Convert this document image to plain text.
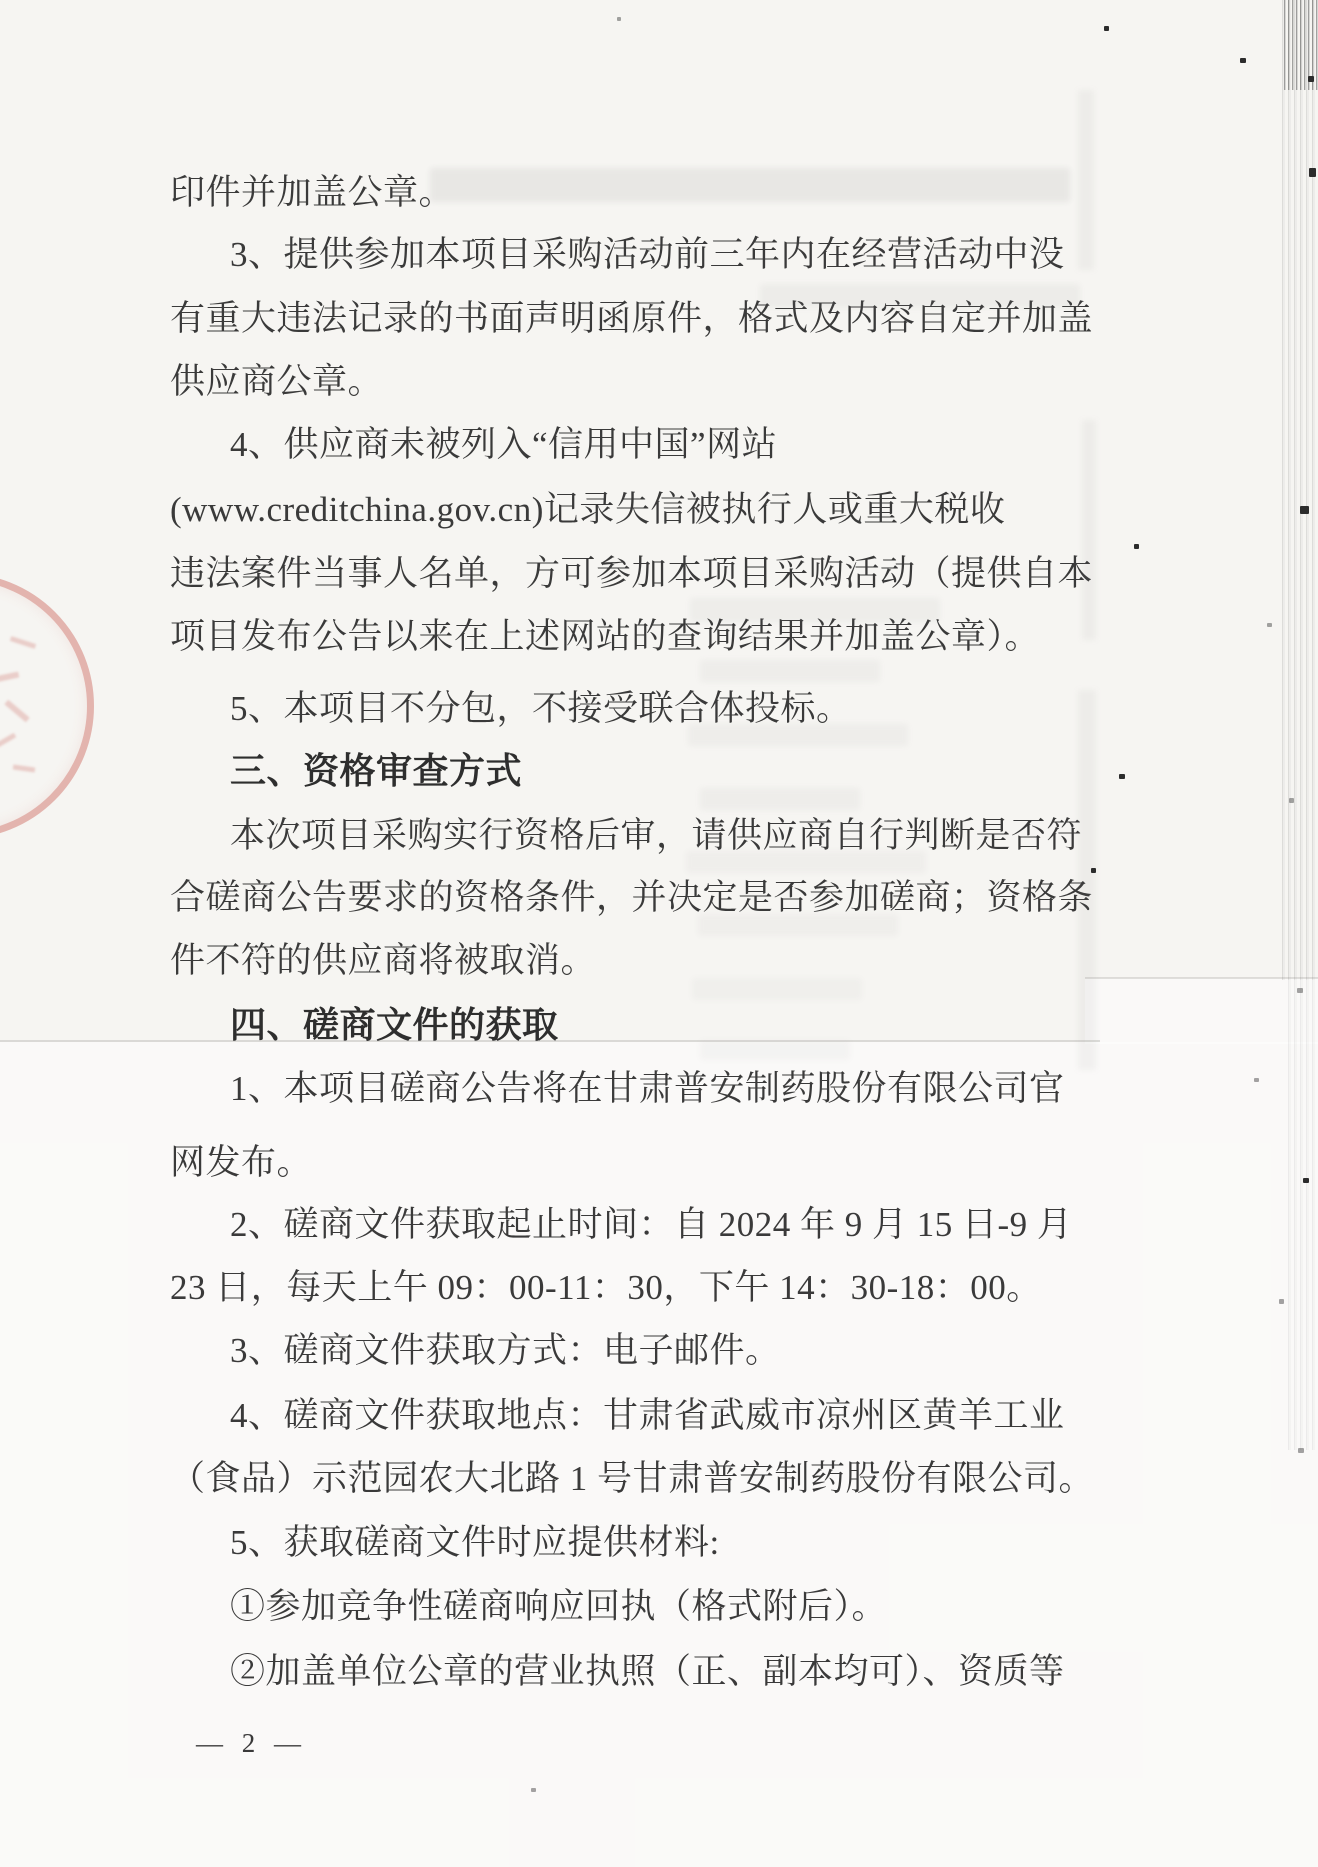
印件并加盖公章。
3、提供参加本项目采购活动前三年内在经营活动中没
有重大违法记录的书面声明函原件，格式及内容自定并加盖
供应商公章。
4、供应商未被列入“信用中国”网站
(www.creditchina.gov.cn)记录失信被执行人或重大税收
违法案件当事人名单，方可参加本项目采购活动（提供自本
项目发布公告以来在上述网站的查询结果并加盖公章）。
5、本项目不分包，不接受联合体投标。
三、资格审查方式
本次项目采购实行资格后审，请供应商自行判断是否符
合磋商公告要求的资格条件，并决定是否参加磋商；资格条
件不符的供应商将被取消。
四、磋商文件的获取
1、本项目磋商公告将在甘肃普安制药股份有限公司官
网发布。
2、磋商文件获取起止时间：自 2024 年 9 月 15 日-9 月
23 日，每天上午 09：00-11：30，下午 14：30-18：00。
3、磋商文件获取方式：电子邮件。
4、磋商文件获取地点：甘肃省武威市凉州区黄羊工业
（食品）示范园农大北路 1 号甘肃普安制药股份有限公司。
5、获取磋商文件时应提供材料:
①参加竞争性磋商响应回执（格式附后）。
②加盖单位公章的营业执照（正、副本均可）、资质等
— 2 —
